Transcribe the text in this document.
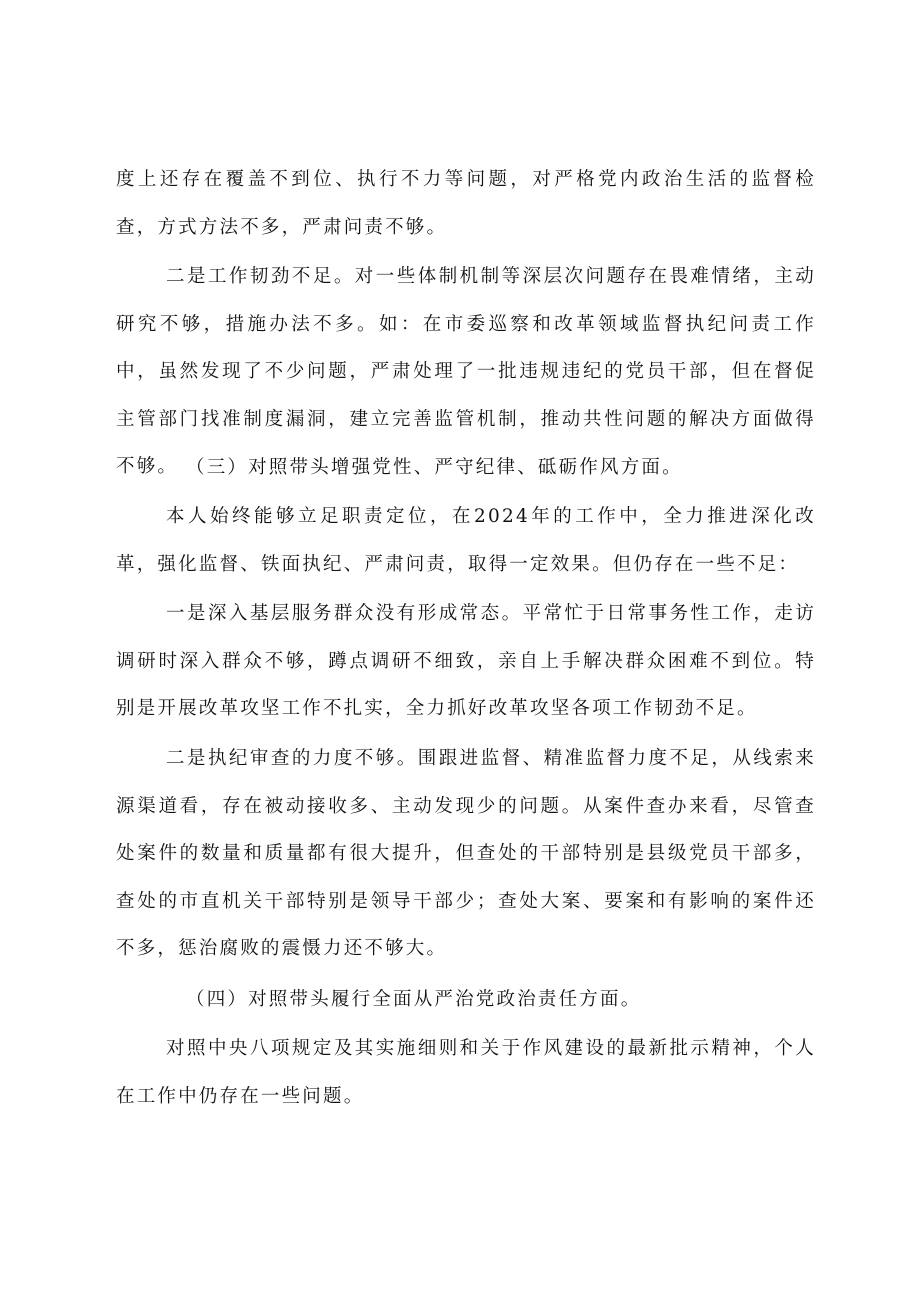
度上还存在覆盖不到位、执行不力等问题，对严格党内政治生活的监督检查，方式方法不多，严肃问责不够。

二是工作韧劲不足。对一些体制机制等深层次问题存在畏难情绪，主动研究不够，措施办法不多。如：在市委巡察和改革领域监督执纪问责工作中，虽然发现了不少问题，严肃处理了一批违规违纪的党员干部，但在督促主管部门找准制度漏洞，建立完善监管机制，推动共性问题的解决方面做得不够。 （三）对照带头增强党性、严守纪律、砥砺作风方面。

本人始终能够立足职责定位，在2024年的工作中，全力推进深化改革，强化监督、铁面执纪、严肃问责，取得一定效果。但仍存在一些不足：

一是深入基层服务群众没有形成常态。平常忙于日常事务性工作，走访调研时深入群众不够，蹲点调研不细致，亲自上手解决群众困难不到位。特别是开展改革攻坚工作不扎实，全力抓好改革攻坚各项工作韧劲不足。

二是执纪审查的力度不够。围跟进监督、精准监督力度不足，从线索来源渠道看，存在被动接收多、主动发现少的问题。从案件查办来看，尽管查处案件的数量和质量都有很大提升，但查处的干部特别是县级党员干部多，查处的市直机关干部特别是领导干部少；查处大案、要案和有影响的案件还不多，惩治腐败的震慑力还不够大。

（四）对照带头履行全面从严治党政治责任方面。

对照中央八项规定及其实施细则和关于作风建设的最新批示精神，个人在工作中仍存在一些问题。
